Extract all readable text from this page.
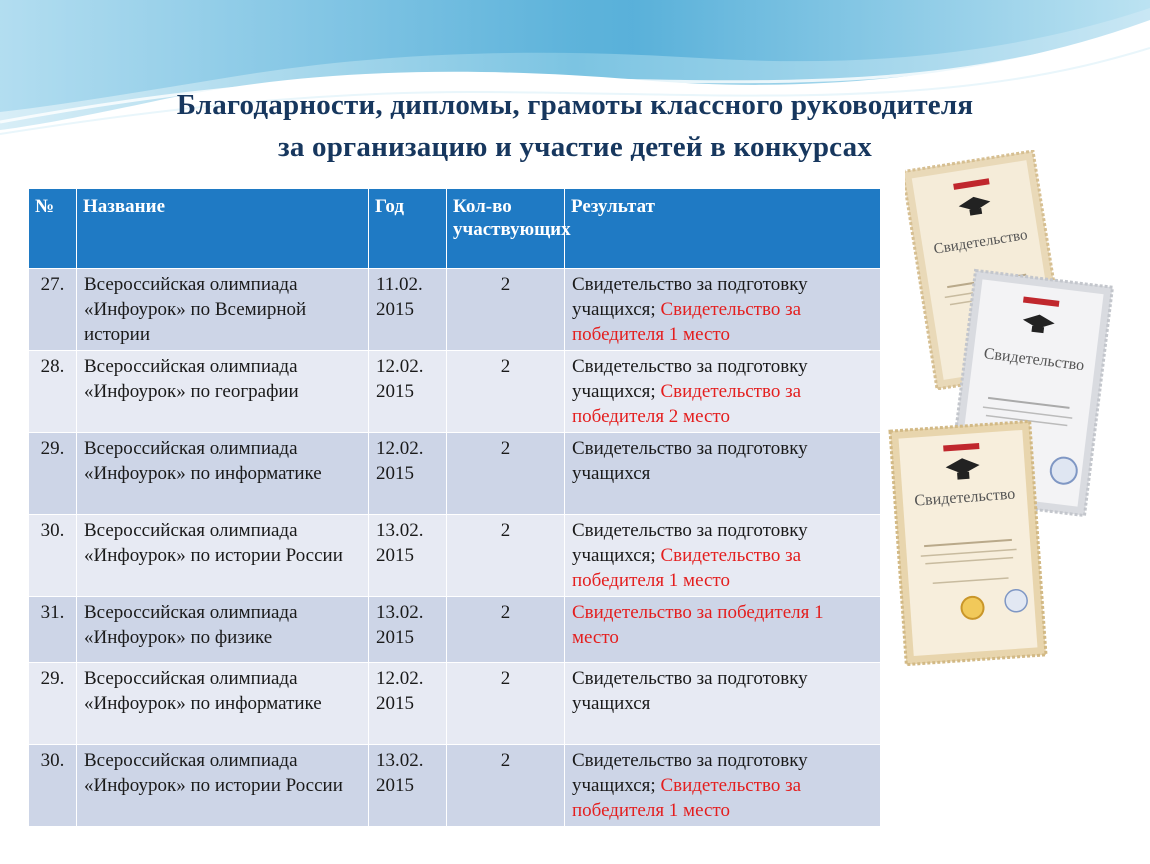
Благодарности, дипломы, грамоты классного руководителя
за организацию и участие детей в конкурсах
№	Название	Год	Кол-во участвующих	Результат
27.	Всероссийская олимпиада «Инфоурок» по Всемирной истории	11.02. 2015	2	Свидетельство за подготовку учащихся; Свидетельство за победителя 1 место
28.	Всероссийская олимпиада «Инфоурок» по географии	12.02. 2015	2	Свидетельство за подготовку учащихся; Свидетельство за победителя 2 место
29.	Всероссийская олимпиада «Инфоурок» по информатике	12.02. 2015	2	Свидетельство за подготовку учащихся
30.	Всероссийская олимпиада «Инфоурок» по истории России	13.02. 2015	2	Свидетельство за подготовку учащихся; Свидетельство за победителя 1 место
31.	Всероссийская олимпиада «Инфоурок» по физике	13.02. 2015	2	Свидетельство за победителя 1 место
29.	Всероссийская олимпиада «Инфоурок» по информатике	12.02. 2015	2	Свидетельство за подготовку учащихся
30.	Всероссийская олимпиада «Инфоурок» по истории России	13.02. 2015	2	Свидетельство за подготовку учащихся; Свидетельство за победителя 1 место
Свидетельство
Свидетельство
Свидетельство
